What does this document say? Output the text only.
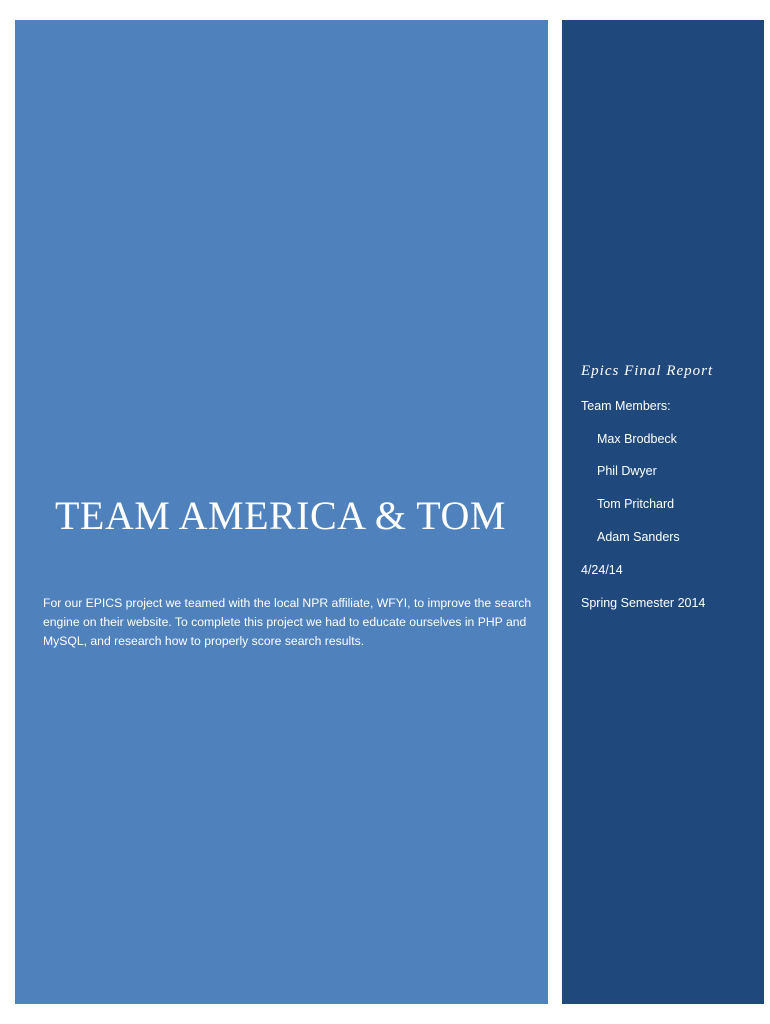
TEAM AMERICA & TOM

For our EPICS project we teamed with the local NPR affiliate, WFYI, to improve the search engine on their website. To complete this project we had to educate ourselves in PHP and MySQL, and research how to properly score search results.

Epics Final Report

Team Members:

Max Brodbeck

Phil Dwyer

Tom Pritchard

Adam Sanders

4/24/14

Spring Semester 2014
